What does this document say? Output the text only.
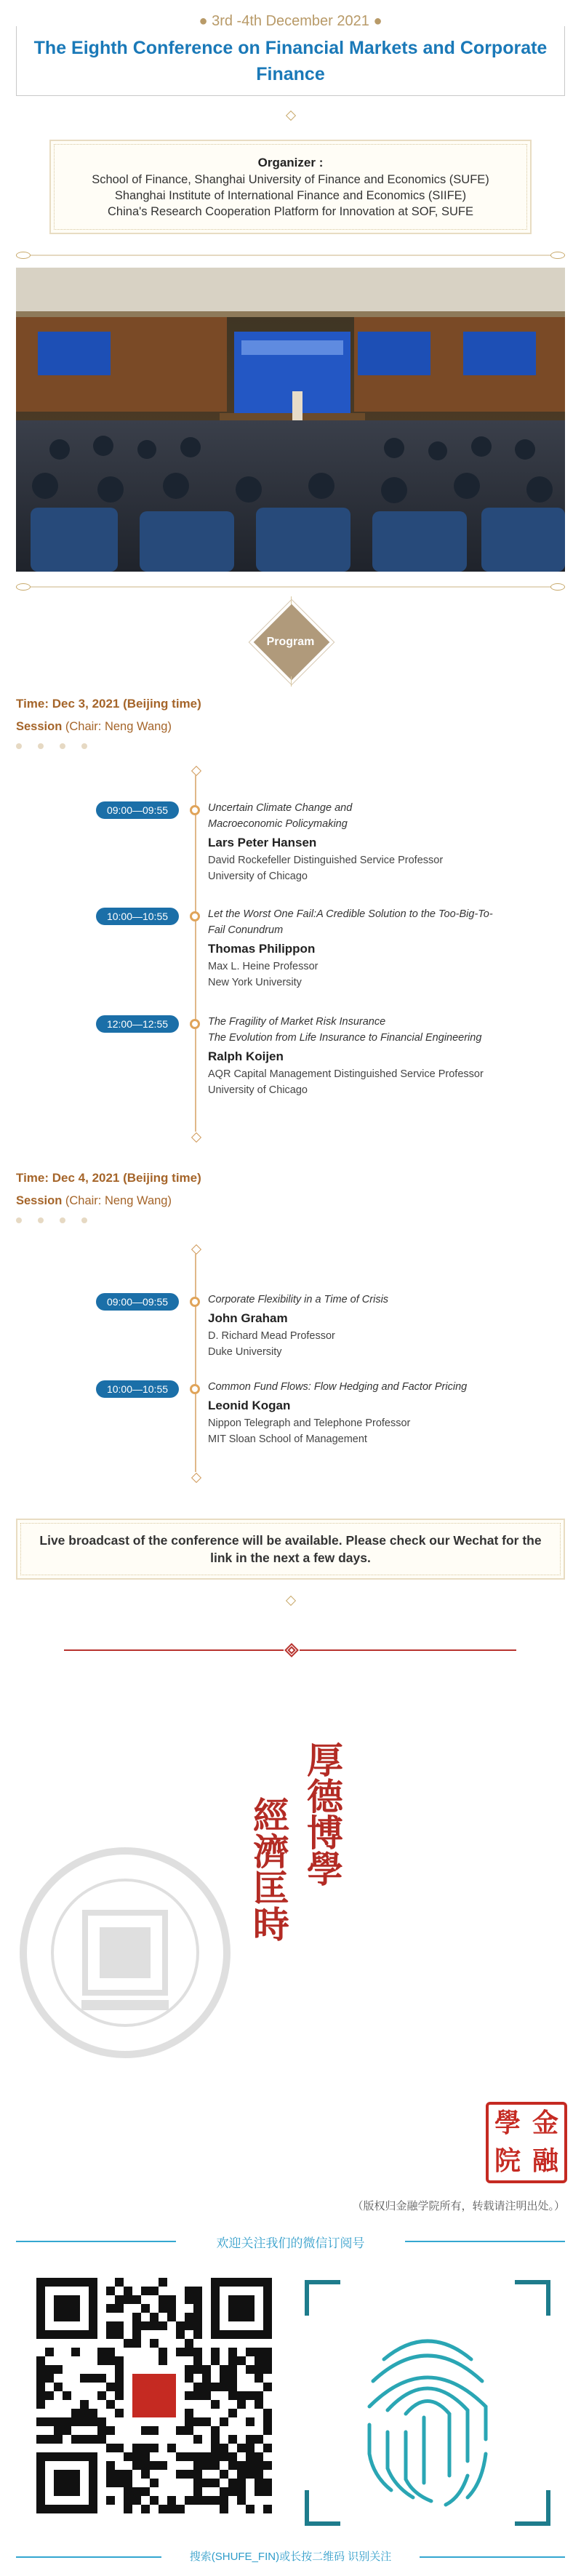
● 3rd -4th December 2021 ●
The Eighth Conference on Financial Markets and Corporate
Finance
Organizer :
School of Finance, Shanghai University of Finance and Economics (SUFE)
Shanghai Institute of International Finance and Economics (SIIFE)
China's Research Cooperation Platform for Innovation at SOF, SUFE
Program
Time: Dec 3, 2021 (Beijing time)
Session (Chair: Neng Wang)
09:00—09:55	Uncertain Climate Change and
Macroeconomic Policymaking
Lars Peter Hansen
David Rockefeller Distinguished Service Professor
University of Chicago
10:00—10:55	Let the Worst One Fail:A Credible Solution to the Too-Big-To-
Fail Conundrum
Thomas Philippon
Max L. Heine Professor
New York University
12:00—12:55	The Fragility of Market Risk Insurance
The Evolution from Life Insurance to Financial Engineering
Ralph Koijen
AQR Capital Management Distinguished Service Professor
University of Chicago
Time: Dec 4, 2021 (Beijing time)
Session (Chair: Neng Wang)
09:00—09:55	Corporate Flexibility in a Time of Crisis
John Graham
D. Richard Mead Professor
Duke University
10:00—10:55	Common Fund Flows: Flow Hedging and Factor Pricing
Leonid Kogan
Nippon Telegraph and Telephone Professor
MIT Sloan School of Management

Live broadcast of the conference will be available. Please check our Wechat for the link in the next a few days.

厚德博學
經濟匡時
學 金
院 融
（版权归金融学院所有，转载请注明出处。）
欢迎关注我们的微信订阅号
搜索(SHUFE_FIN)或长按二维码 识别关注
